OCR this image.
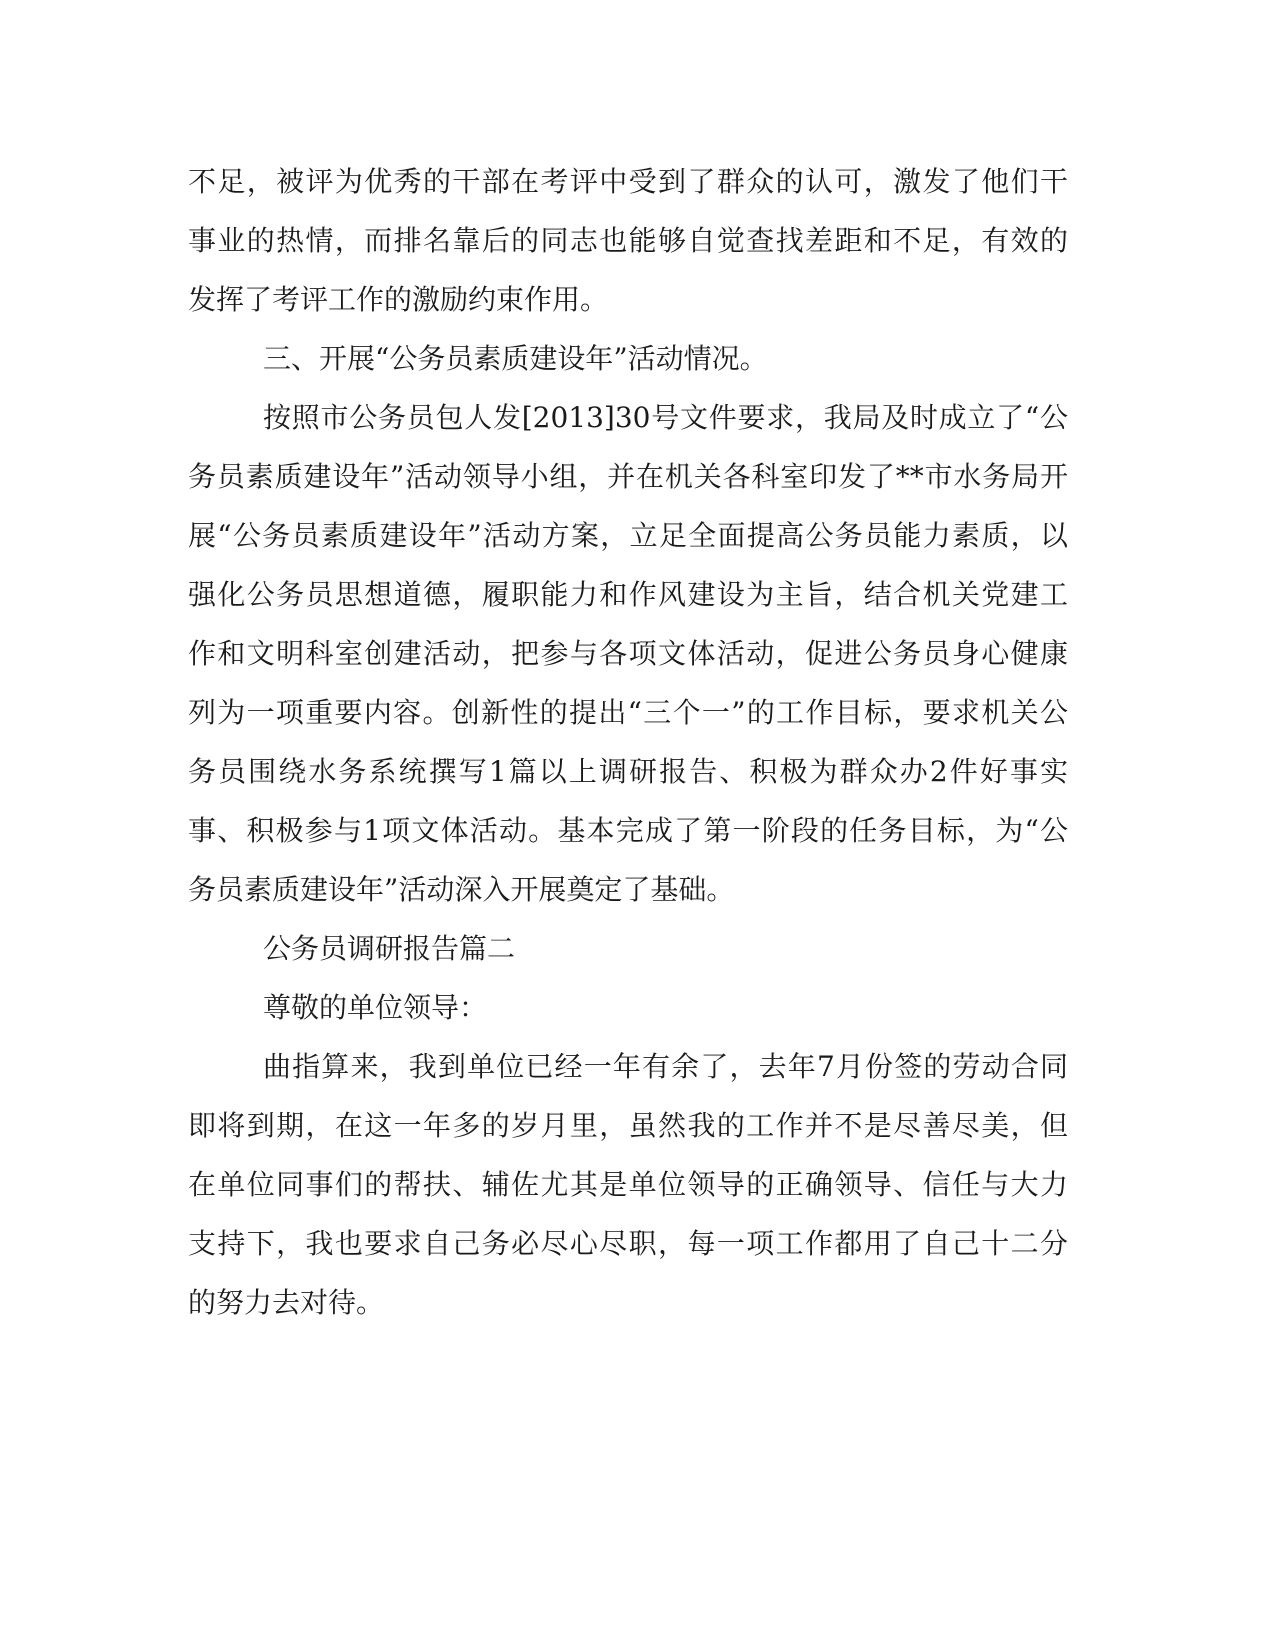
不足，被评为优秀的干部在考评中受到了群众的认可，激发了他们干
事业的热情，而排名靠后的同志也能够自觉查找差距和不足，有效的
发挥了考评工作的激励约束作用。
三、开展“公务员素质建设年”活动情况。
按照市公务员包人发[2013]30号文件要求，我局及时成立了“公
务员素质建设年”活动领导小组，并在机关各科室印发了**市水务局开
展“公务员素质建设年”活动方案，立足全面提高公务员能力素质，以
强化公务员思想道德，履职能力和作风建设为主旨，结合机关党建工
作和文明科室创建活动，把参与各项文体活动，促进公务员身心健康
列为一项重要内容。创新性的提出“三个一”的工作目标，要求机关公
务员围绕水务系统撰写1篇以上调研报告、积极为群众办2件好事实
事、积极参与1项文体活动。基本完成了第一阶段的任务目标，为“公
务员素质建设年”活动深入开展奠定了基础。
公务员调研报告篇二
尊敬的单位领导：
曲指算来，我到单位已经一年有余了，去年7月份签的劳动合同
即将到期，在这一年多的岁月里，虽然我的工作并不是尽善尽美，但
在单位同事们的帮扶、辅佐尤其是单位领导的正确领导、信任与大力
支持下，我也要求自己务必尽心尽职，每一项工作都用了自己十二分
的努力去对待。
